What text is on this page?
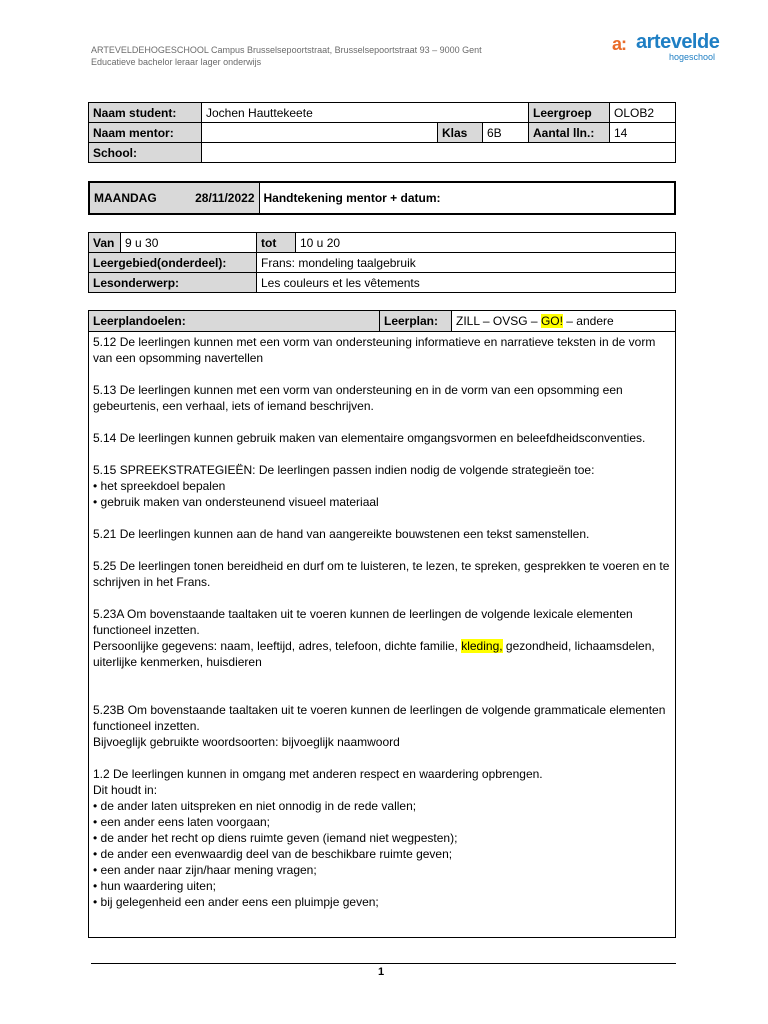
ARTEVELDEHOGESCHOOL Campus Brusselsepoortstraat, Brusselsepoortstraat 93 – 9000 Gent
Educatieve bachelor leraar lager onderwijs
a: artevelde
hogeschool
Naam student:	Jochen Hauttekeete			Leergroep	OLOB2
Naam mentor:		Klas	6B	Aantal lln.:	14
School:					
MAANDAG	28/11/2022	Handtekening mentor + datum:
Van	9 u 30	tot	10 u 20
Leergebied(onderdeel):		Frans: mondeling taalgebruik	
Lesonderwerp:		Les couleurs et les vêtements	
Leerplandoelen:	Leerplan:	ZILL – OVSG – GO! – andere

5.12 De leerlingen kunnen met een vorm van ondersteuning informatieve en narratieve teksten in de vorm van een opsomming navertellen

5.13 De leerlingen kunnen met een vorm van ondersteuning en in de vorm van een opsomming een gebeurtenis, een verhaal, iets of iemand beschrijven.

5.14 De leerlingen kunnen gebruik maken van elementaire omgangsvormen en beleefdheidsconventies.

5.15 SPREEKSTRATEGIEËN: De leerlingen passen indien nodig de volgende strategieën toe:

• het spreekdoel bepalen

• gebruik maken van ondersteunend visueel materiaal

5.21 De leerlingen kunnen aan de hand van aangereikte bouwstenen een tekst samenstellen.

5.25 De leerlingen tonen bereidheid en durf om te luisteren, te lezen, te spreken, gesprekken te voeren en te schrijven in het Frans.

5.23A Om bovenstaande taaltaken uit te voeren kunnen de leerlingen de volgende lexicale elementen functioneel inzetten.

Persoonlijke gegevens: naam, leeftijd, adres, telefoon, dichte familie, kleding, gezondheid, lichaamsdelen, uiterlijke kenmerken, huisdieren

5.23B Om bovenstaande taaltaken uit te voeren kunnen de leerlingen de volgende grammaticale elementen functioneel inzetten.

Bijvoeglijk gebruikte woordsoorten: bijvoeglijk naamwoord

1.2 De leerlingen kunnen in omgang met anderen respect en waardering opbrengen.

Dit houdt in:

• de ander laten uitspreken en niet onnodig in de rede vallen;

• een ander eens laten voorgaan;

• de ander het recht op diens ruimte geven (iemand niet wegpesten);

• de ander een evenwaardig deel van de beschikbare ruimte geven;

• een ander naar zijn/haar mening vragen;

• hun waardering uiten;

• bij gelegenheid een ander eens een pluimpje geven;

1
